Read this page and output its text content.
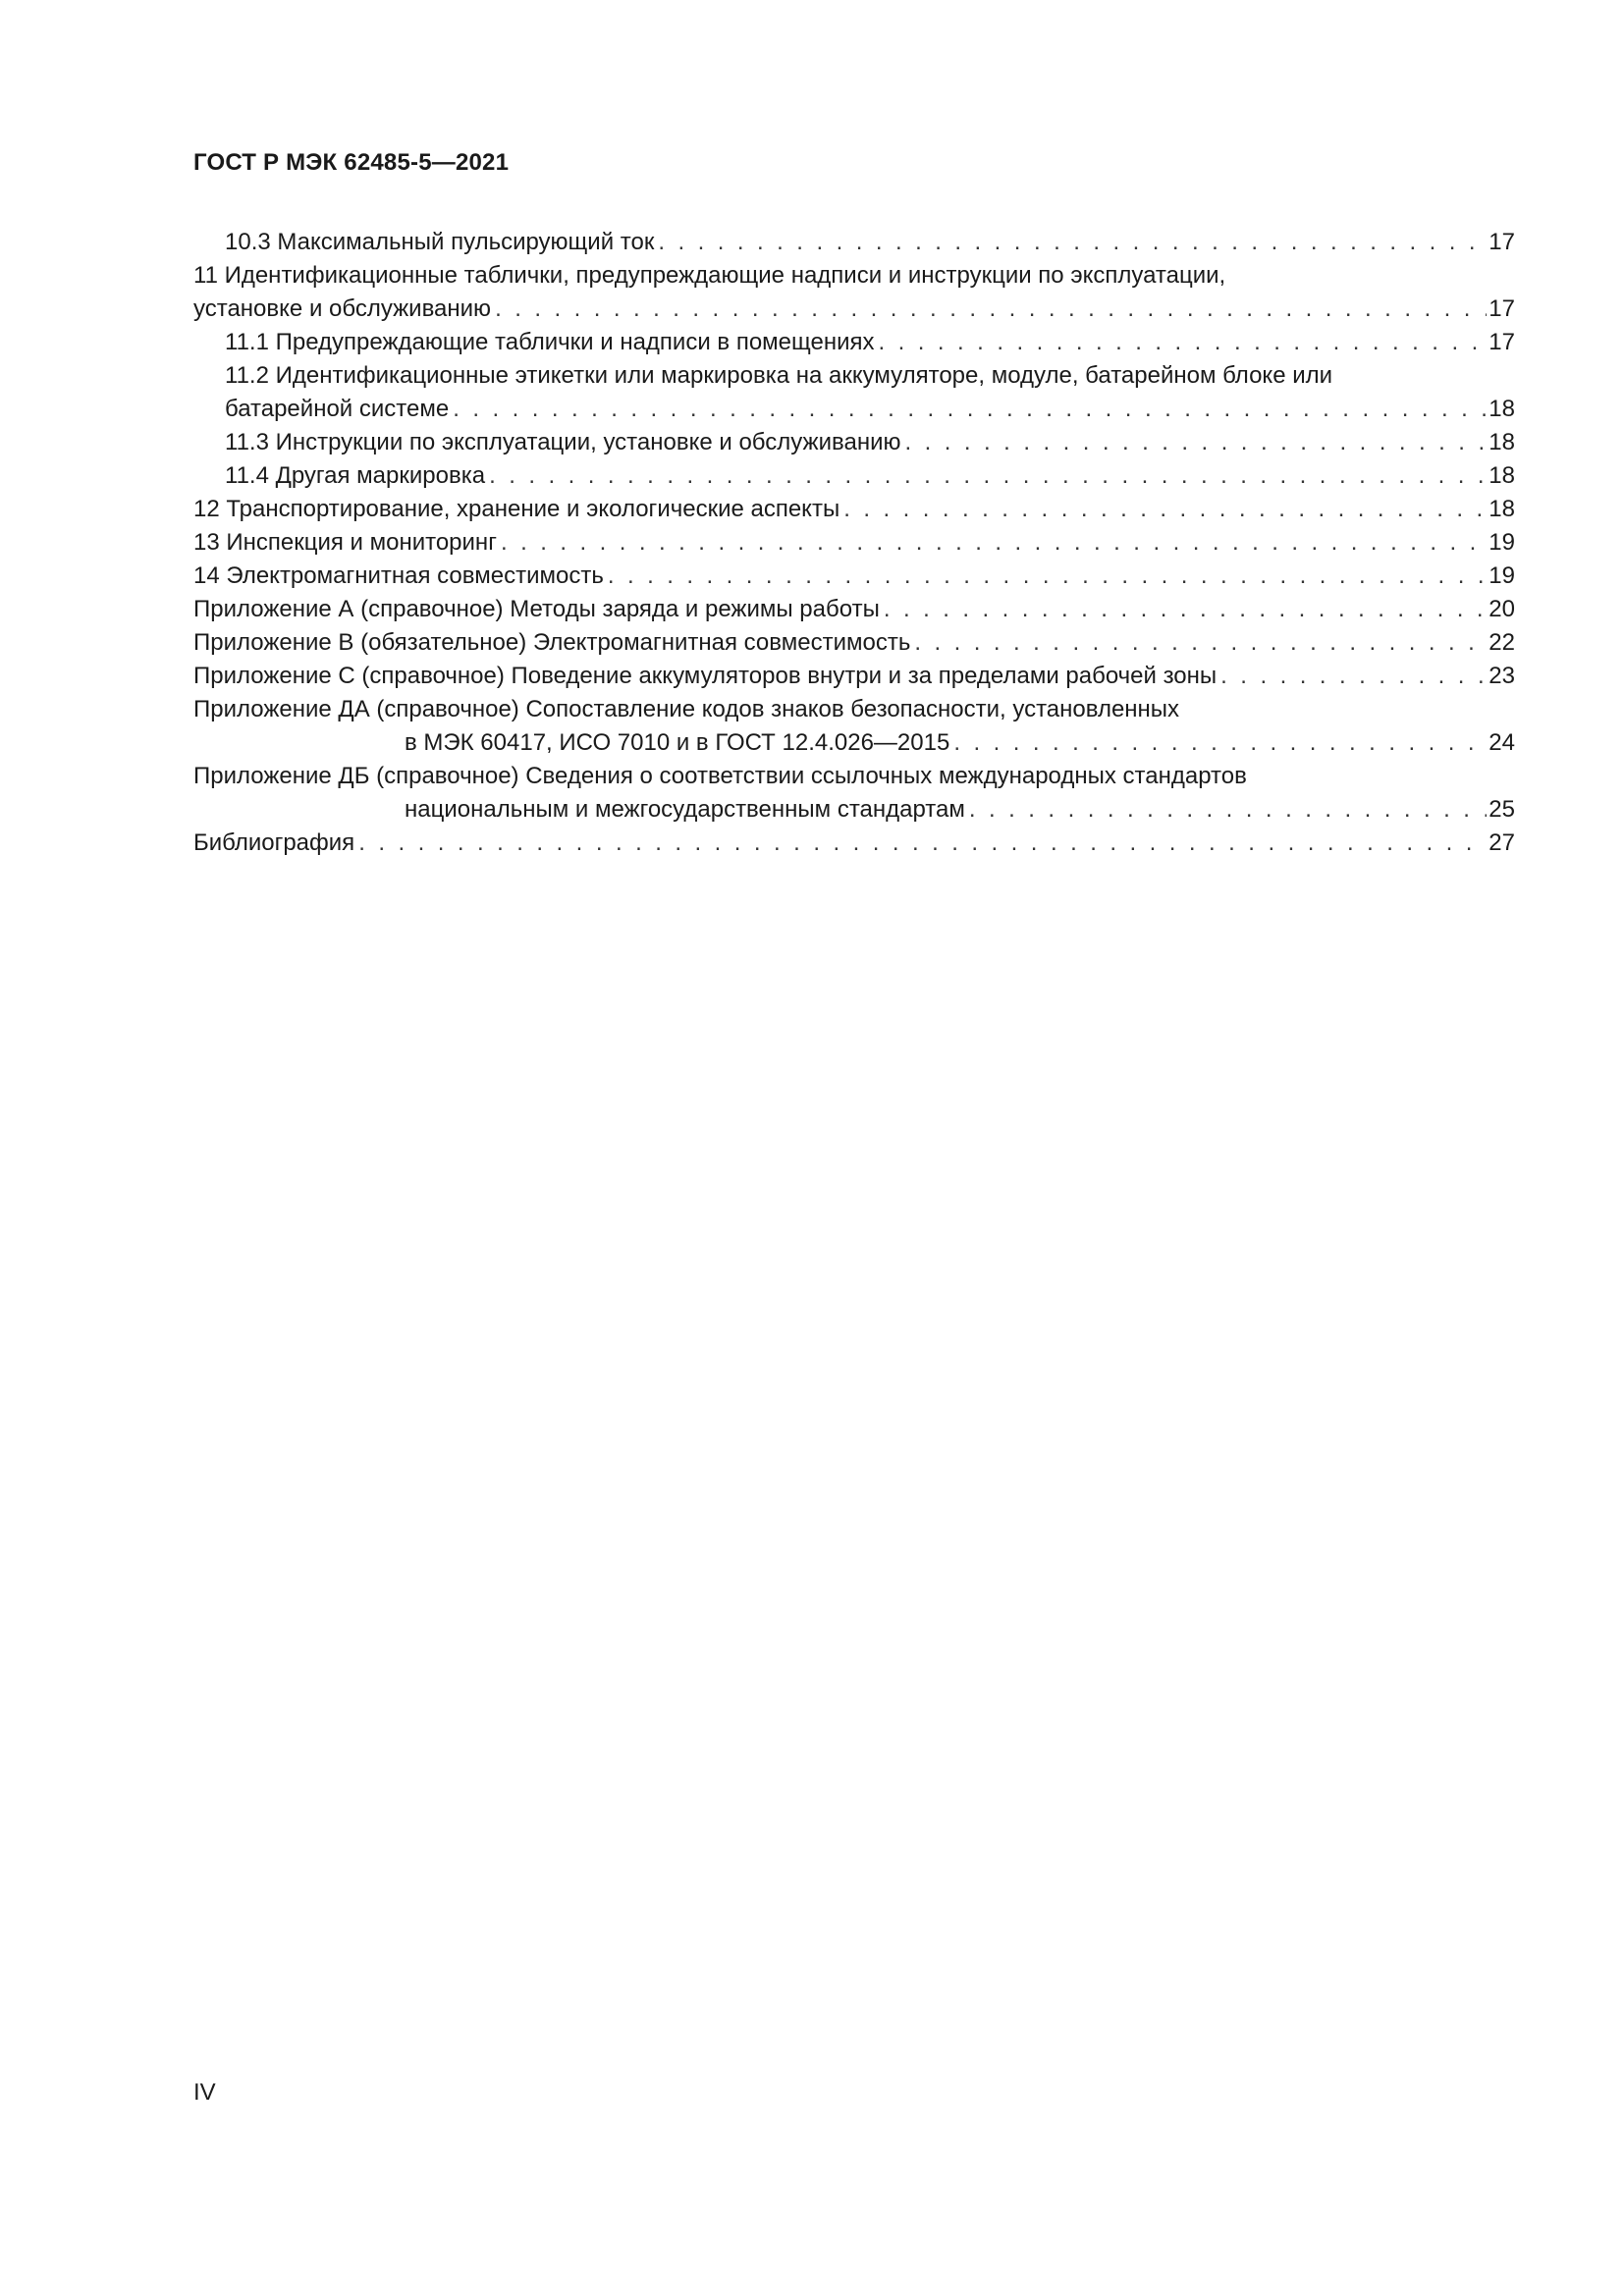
ГОСТ Р МЭК 62485-5—2021
10.3 Максимальный пульсирующий ток . . .	17
11 Идентификационные таблички, предупреждающие надписи и инструкции по эксплуатации,
установке и обслуживанию . . .	17
11.1 Предупреждающие таблички и надписи в помещениях . . .	17
11.2 Идентификационные этикетки или маркировка на аккумуляторе, модуле, батарейном блоке или
батарейной системе . . .	18
11.3 Инструкции по эксплуатации, установке и обслуживанию . . .	18
11.4 Другая маркировка . . .	18
12 Транспортирование, хранение и экологические аспекты . . .	18
13 Инспекция и мониторинг . . .	19
14 Электромагнитная совместимость . . .	19
Приложение А (справочное) Методы заряда и режимы работы . . .	20
Приложение В (обязательное) Электромагнитная совместимость . . .	22
Приложение С (справочное) Поведение аккумуляторов внутри и за пределами рабочей зоны . . .	23
Приложение ДА (справочное) Сопоставление кодов знаков безопасности, установленных
в МЭК 60417, ИСО 7010 и в ГОСТ 12.4.026—2015 . . .	24
Приложение ДБ (справочное) Сведения о соответствии ссылочных международных стандартов
национальным и межгосударственным стандартам . . .	25
Библиография . . .	27
IV
